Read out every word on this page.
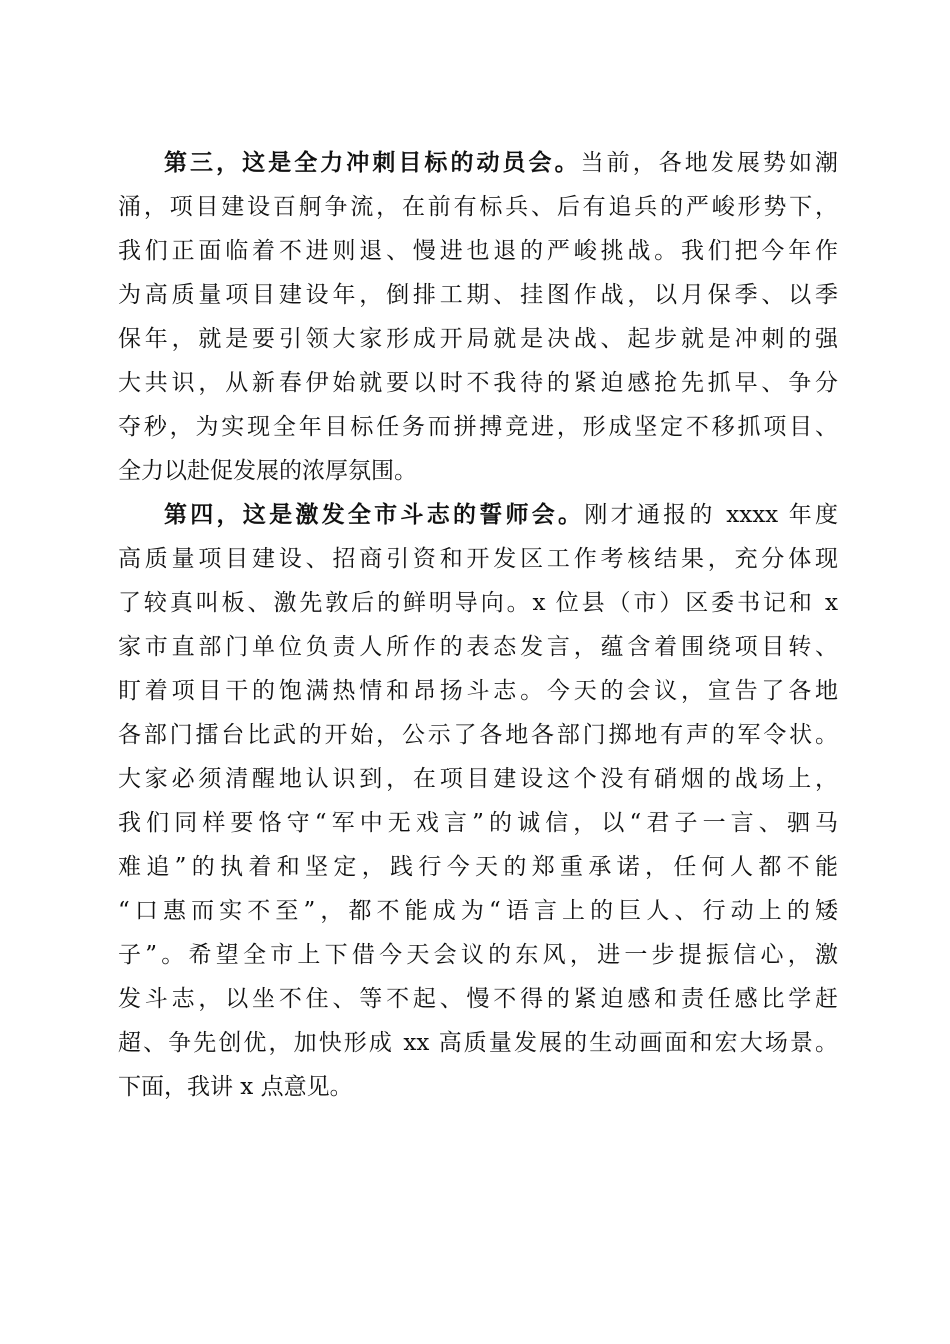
第三，这是全力冲刺目标的动员会。当前，各地发展势如潮
涌，项目建设百舸争流，在前有标兵、后有追兵的严峻形势下，
我们正面临着不进则退、慢进也退的严峻挑战。我们把今年作
为高质量项目建设年，倒排工期、挂图作战，以月保季、以季
保年，就是要引领大家形成开局就是决战、起步就是冲刺的强
大共识，从新春伊始就要以时不我待的紧迫感抢先抓早、争分
夺秒，为实现全年目标任务而拼搏竞进，形成坚定不移抓项目、
全力以赴促发展的浓厚氛围。
第四，这是激发全市斗志的誓师会。刚才通报的 xxxx 年度
高质量项目建设、招商引资和开发区工作考核结果，充分体现
了较真叫板、激先敦后的鲜明导向。x 位县（市）区委书记和 x
家市直部门单位负责人所作的表态发言，蕴含着围绕项目转、
盯着项目干的饱满热情和昂扬斗志。今天的会议，宣告了各地
各部门擂台比武的开始，公示了各地各部门掷地有声的军令状。
大家必须清醒地认识到，在项目建设这个没有硝烟的战场上，
我们同样要恪守“军中无戏言”的诚信，以“君子一言、驷马
难追”的执着和坚定，践行今天的郑重承诺，任何人都不能
“口惠而实不至”，都不能成为“语言上的巨人、行动上的矮
子”。希望全市上下借今天会议的东风，进一步提振信心，激
发斗志，以坐不住、等不起、慢不得的紧迫感和责任感比学赶
超、争先创优，加快形成 xx 高质量发展的生动画面和宏大场景。
下面，我讲 x 点意见。
